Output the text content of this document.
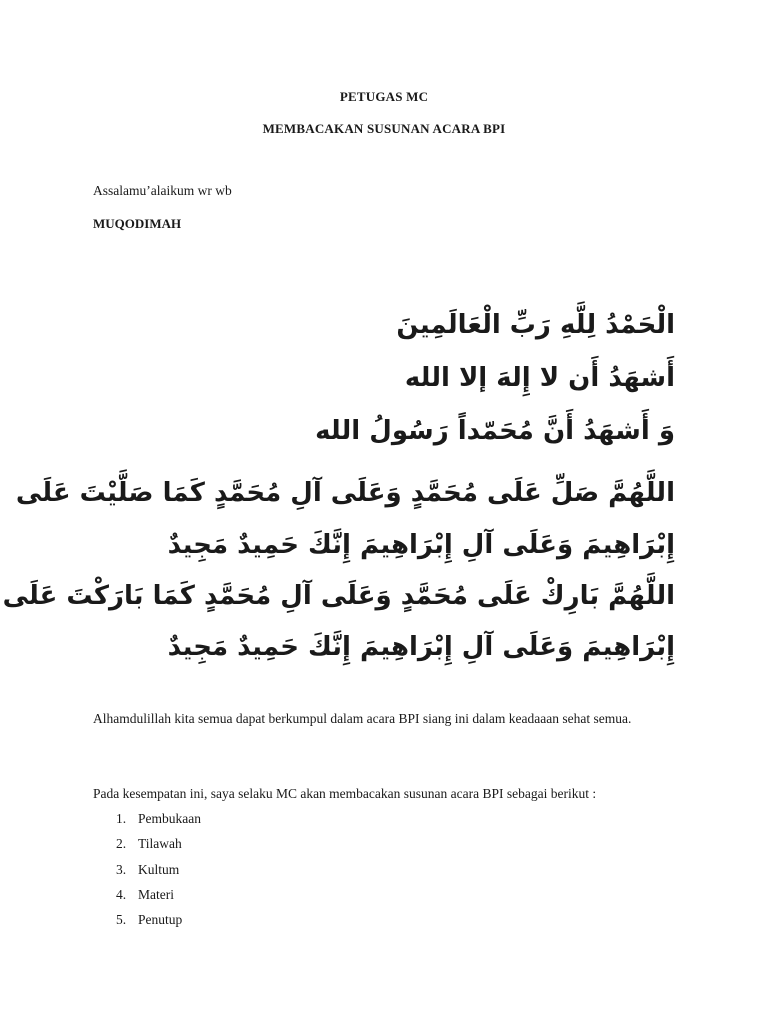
PETUGAS MC
MEMBACAKAN SUSUNAN ACARA BPI
Assalamu’alaikum wr wb
MUQODIMAH
الْحَمْدُ لِلَّهِ رَبِّ الْعَالَمِينَ
أَشهَدُ أَن لا إِلهَ إلا الله
وَ أَشهَدُ أَنَّ مُحَمّداً رَسُولُ الله
اللَّهُمَّ صَلِّ عَلَى مُحَمَّدٍ وَعَلَى آلِ مُحَمَّدٍ كَمَا صَلَّيْتَ عَلَى
إِبْرَاهِيمَ وَعَلَى آلِ إِبْرَاهِيمَ إِنَّكَ حَمِيدٌ مَجِيدٌ
اللَّهُمَّ بَارِكْ عَلَى مُحَمَّدٍ وَعَلَى آلِ مُحَمَّدٍ كَمَا بَارَكْتَ عَلَى
إِبْرَاهِيمَ وَعَلَى آلِ إِبْرَاهِيمَ إِنَّكَ حَمِيدٌ مَجِيدٌ
Alhamdulillah kita semua dapat berkumpul dalam acara BPI siang ini dalam keadaaan sehat semua.
Pada kesempatan ini, saya selaku MC akan membacakan susunan acara BPI sebagai berikut :
1. Pembukaan
2. Tilawah
3. Kultum
4. Materi
5. Penutup
